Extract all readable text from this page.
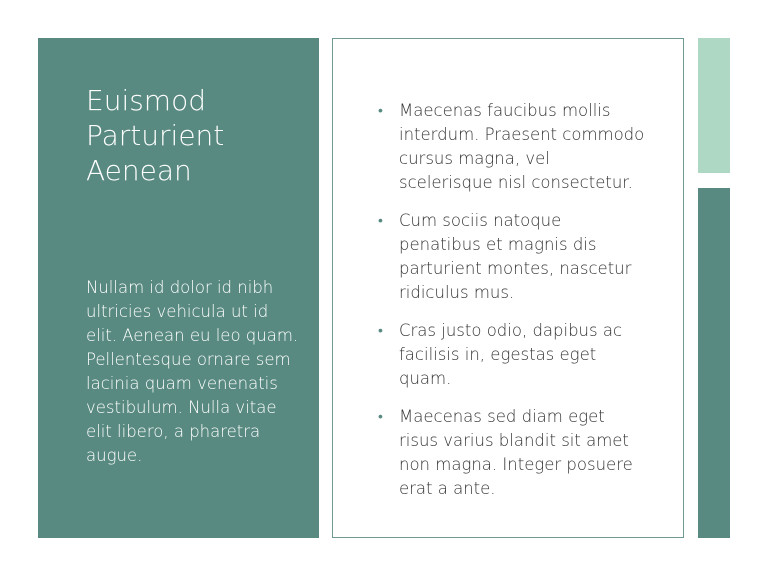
Euismod Parturient Aenean

Nullam id dolor id nibh ultricies vehicula ut id elit. Aenean eu leo quam. Pellentesque ornare sem lacinia quam venenatis vestibulum. Nulla vitae elit libero, a pharetra augue.

• Maecenas faucibus mollis interdum. Praesent commodo cursus magna, vel scelerisque nisl consectetur.
• Cum sociis natoque penatibus et magnis dis parturient montes, nascetur ridiculus mus.
• Cras justo odio, dapibus ac facilisis in, egestas eget quam.
• Maecenas sed diam eget risus varius blandit sit amet non magna. Integer posuere erat a ante.
